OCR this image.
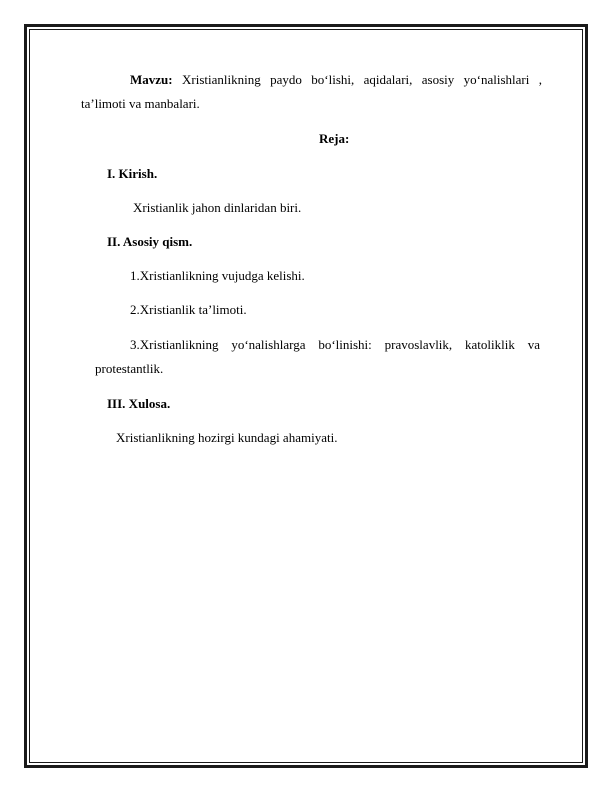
Mavzu: Xristianlikning paydo bo‘lishi, aqidalari, asosiy yo‘nalishlari ,
ta’limoti va manbalari.
Reja:
I. Kirish.
Xristianlik jahon dinlaridan biri.
II. Asosiy qism.
1.Xristianlikning vujudga kelishi.
2.Xristianlik ta’limoti.
3.Xristianlikning yo‘nalishlarga bo‘linishi: pravoslavlik, katoliklik va
protestantlik.
III. Xulosa.
Xristianlikning hozirgi kundagi ahamiyati.
